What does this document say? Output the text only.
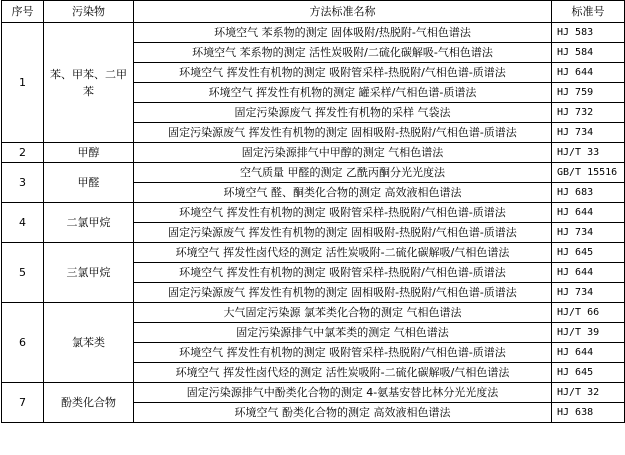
序号	污染物	方法标准名称	标准号
1	苯、甲苯、二甲苯	环境空气 苯系物的测定 固体吸附/热脱附-气相色谱法	HJ 583
		环境空气 苯系物的测定 活性炭吸附/二硫化碳解吸-气相色谱法	HJ 584
		环境空气 挥发性有机物的测定 吸附管采样-热脱附/气相色谱-质谱法	HJ 644
		环境空气 挥发性有机物的测定 罐采样/气相色谱-质谱法	HJ 759
		固定污染源废气 挥发性有机物的采样 气袋法	HJ 732
		固定污染源废气 挥发性有机物的测定 固相吸附-热脱附/气相色谱-质谱法	HJ 734
2	甲醇	固定污染源排气中甲醇的测定 气相色谱法	HJ/T 33
3	甲醛	空气质量 甲醛的测定 乙酰丙酮分光光度法	GB/T 15516
		环境空气 醛、酮类化合物的测定 高效液相色谱法	HJ 683
4	二氯甲烷	环境空气 挥发性有机物的测定 吸附管采样-热脱附/气相色谱-质谱法	HJ 644
		固定污染源废气 挥发性有机物的测定 固相吸附-热脱附/气相色谱-质谱法	HJ 734
5	三氯甲烷	环境空气 挥发性卤代烃的测定 活性炭吸附-二硫化碳解吸/气相色谱法	HJ 645
		环境空气 挥发性有机物的测定 吸附管采样-热脱附/气相色谱-质谱法	HJ 644
		固定污染源废气 挥发性有机物的测定 固相吸附-热脱附/气相色谱-质谱法	HJ 734
6	氯苯类	大气固定污染源 氯苯类化合物的测定 气相色谱法	HJ/T 66
		固定污染源排气中氯苯类的测定 气相色谱法	HJ/T 39
		环境空气 挥发性有机物的测定 吸附管采样-热脱附/气相色谱-质谱法	HJ 644
		环境空气 挥发性卤代烃的测定 活性炭吸附-二硫化碳解吸/气相色谱法	HJ 645
7	酚类化合物	固定污染源排气中酚类化合物的测定 4-氨基安替比林分光光度法	HJ/T 32
		环境空气 酚类化合物的测定 高效液相色谱法	HJ 638
